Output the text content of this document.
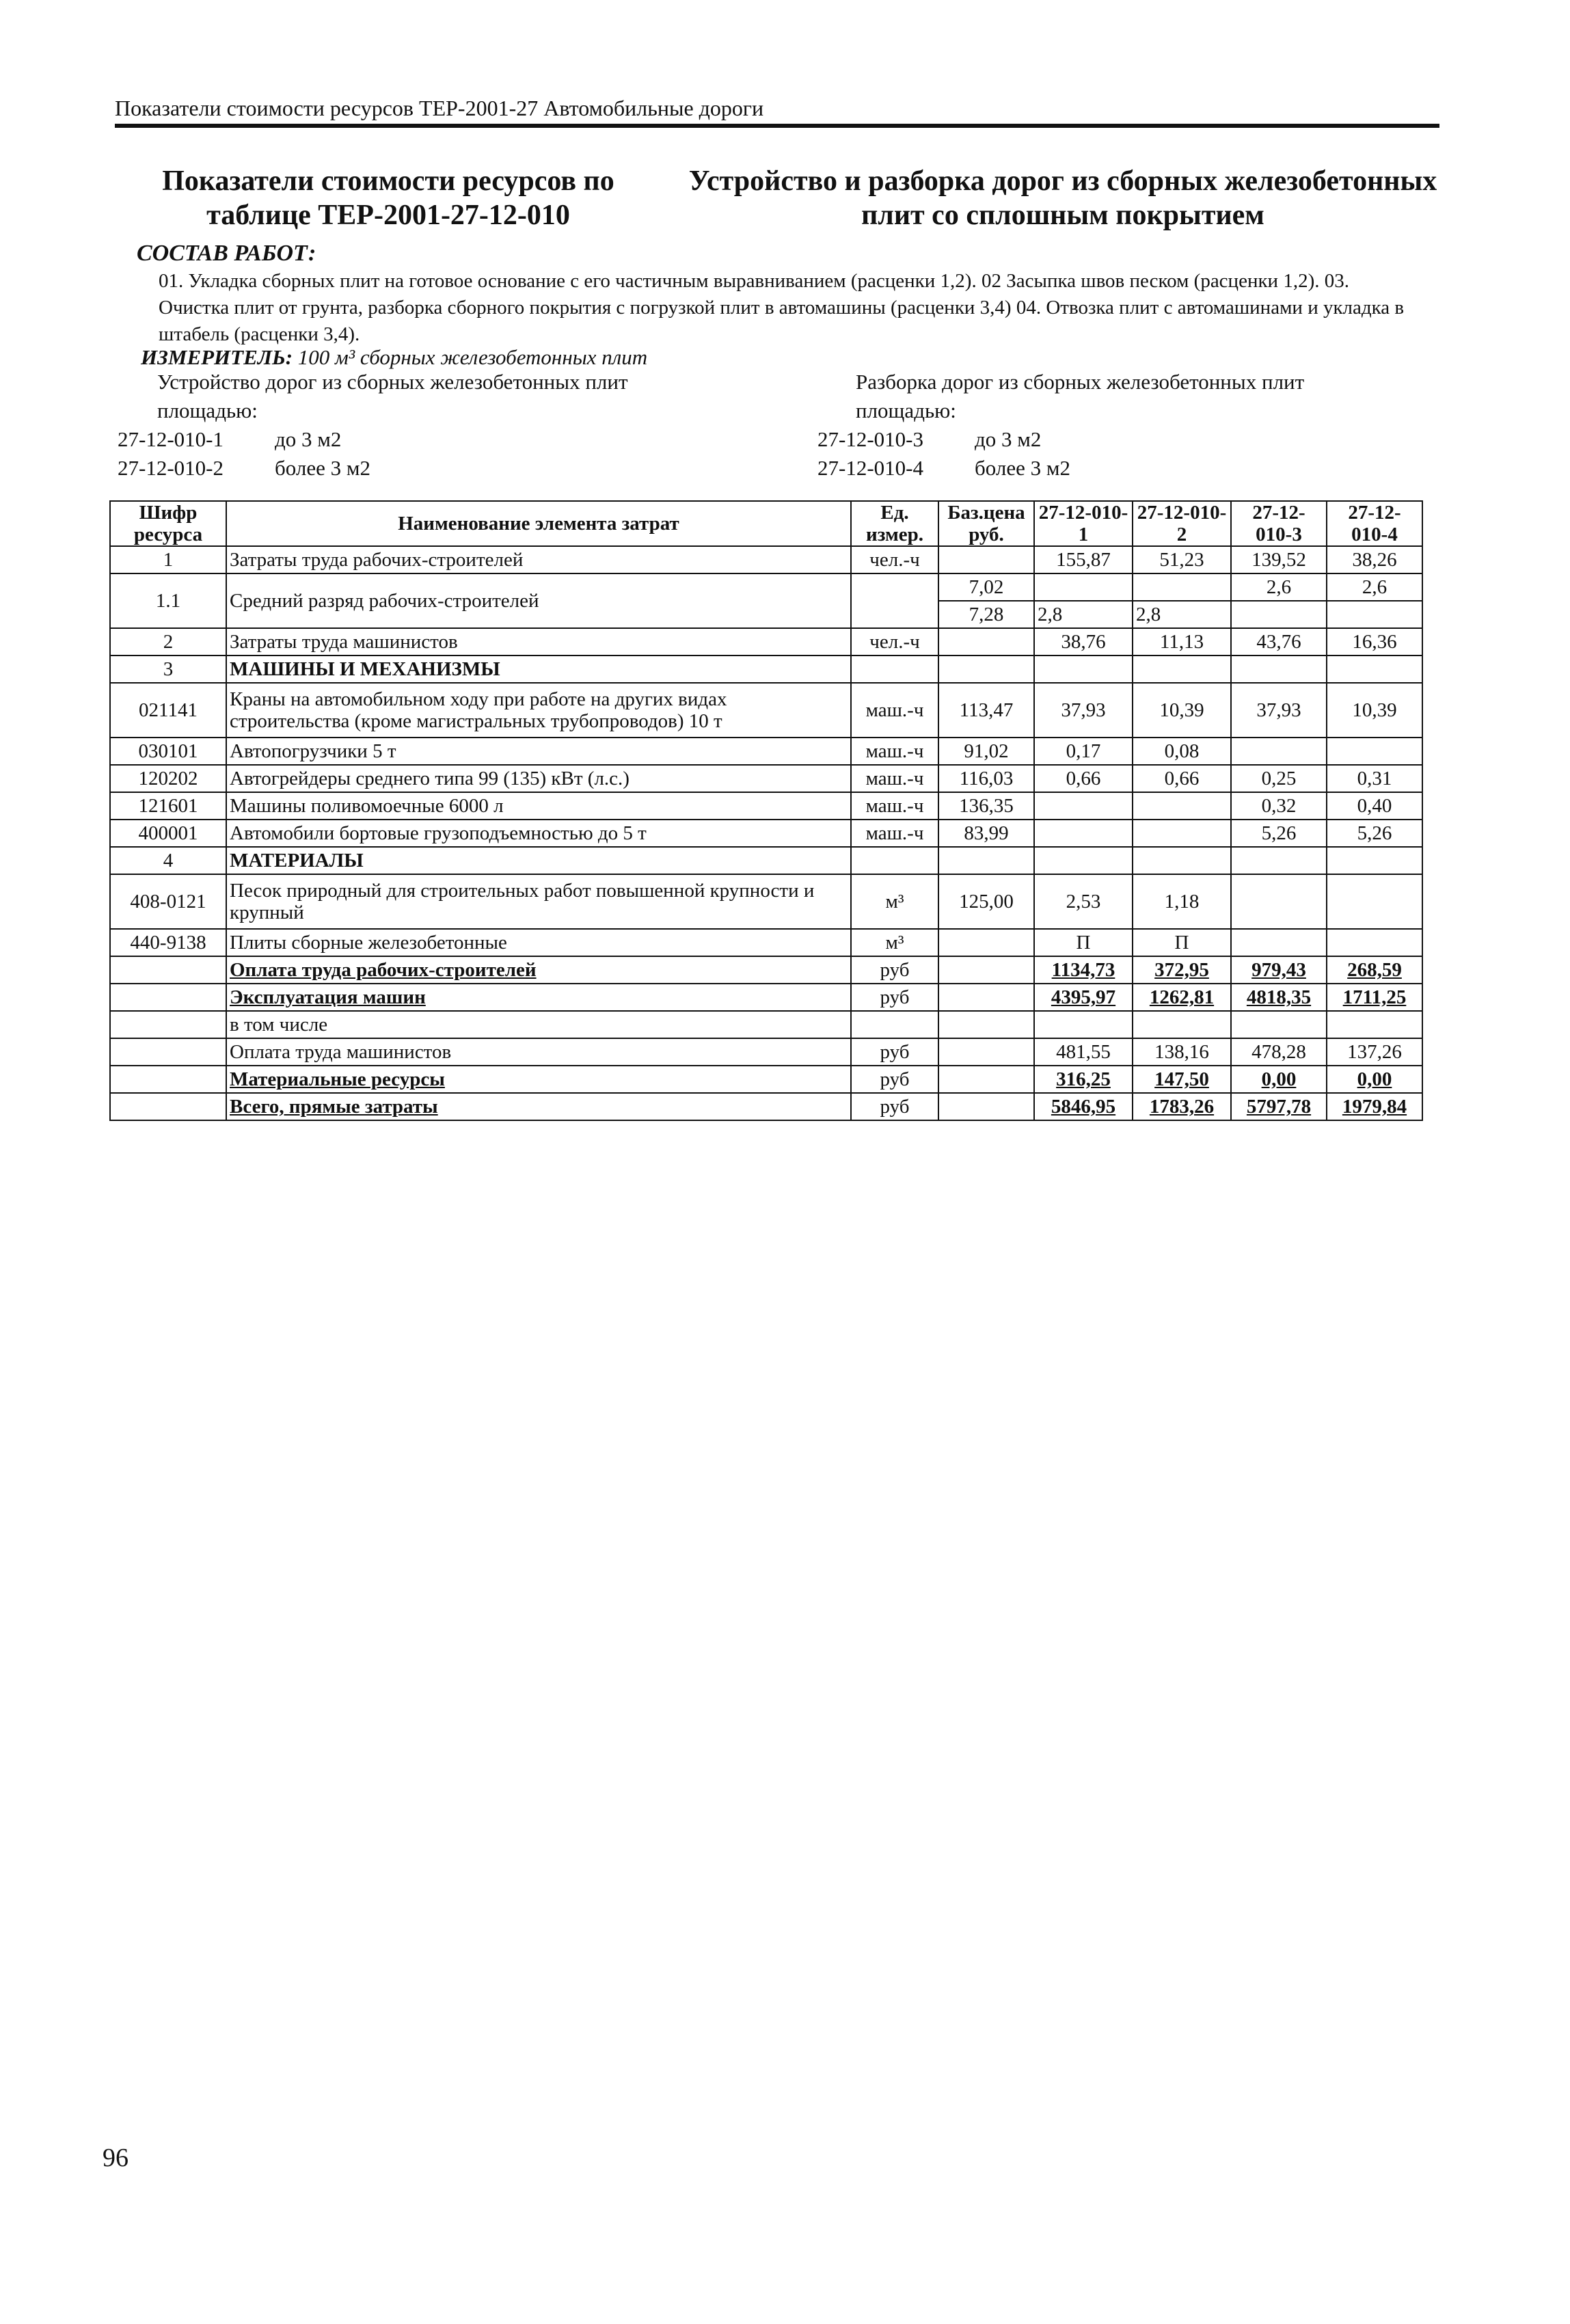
Показатели стоимости ресурсов ТЕР-2001-27 Автомобильные дороги
Показатели стоимости ресурсов по таблице ТЕР-2001-27-12-010
Устройство и разборка дорог из сборных железобетонных плит со сплошным покрытием
СОСТАВ РАБОТ:
01. Укладка сборных плит на готовое основание с его частичным выравниванием (расценки 1,2). 02 Засыпка швов песком (расценки 1,2). 03. Очистка плит от грунта, разборка сборного покрытия с погрузкой плит в автомашины (расценки 3,4) 04. Отвозка плит с автомашинами и укладка в штабель (расценки 3,4).
ИЗМЕРИТЕЛЬ: 100 м³ сборных железобетонных плит
Устройство дорог из сборных железобетонных плит
площадью:
27-12-010-1 до 3 м2
27-12-010-2 более 3 м2
Разборка дорог из сборных железобетонных плит
площадью:
27-12-010-3 до 3 м2
27-12-010-4 более 3 м2
Шифр ресурса	Наименование элемента затрат	Ед. измер.	Баз.цена руб.	27-12-010-1	27-12-010-2	27-12-010-3	27-12-010-4
1	Затраты труда рабочих-строителей	чел.-ч		155,87	51,23	139,52	38,26
1.1	Средний разряд рабочих-строителей		7,02			2,6	2,6
			7,28	2,8	2,8		
2	Затраты труда машинистов	чел.-ч		38,76	11,13	43,76	16,36
3	МАШИНЫ И МЕХАНИЗМЫ						
021141	Краны на автомобильном ходу при работе на других видах строительства (кроме магистральных трубопроводов) 10 т	маш.-ч	113,47	37,93	10,39	37,93	10,39
030101	Автопогрузчики 5 т	маш.-ч	91,02	0,17	0,08		
120202	Автогрейдеры среднего типа 99 (135) кВт (л.с.)	маш.-ч	116,03	0,66	0,66	0,25	0,31
121601	Машины поливомоечные 6000 л	маш.-ч	136,35			0,32	0,40
400001	Автомобили бортовые грузоподъемностью до 5 т	маш.-ч	83,99			5,26	5,26
4	МАТЕРИАЛЫ						
408-0121	Песок природный для строительных работ повышенной крупности и крупный	м³	125,00	2,53	1,18		
440-9138	Плиты сборные железобетонные	м³		П	П		
	Оплата труда рабочих-строителей	руб		1134,73	372,95	979,43	268,59
	Эксплуатация машин	руб		4395,97	1262,81	4818,35	1711,25
	в том числе						
	Оплата труда машинистов	руб		481,55	138,16	478,28	137,26
	Материальные ресурсы	руб		316,25	147,50	0,00	0,00
	Всего, прямые затраты	руб		5846,95	1783,26	5797,78	1979,84
96
